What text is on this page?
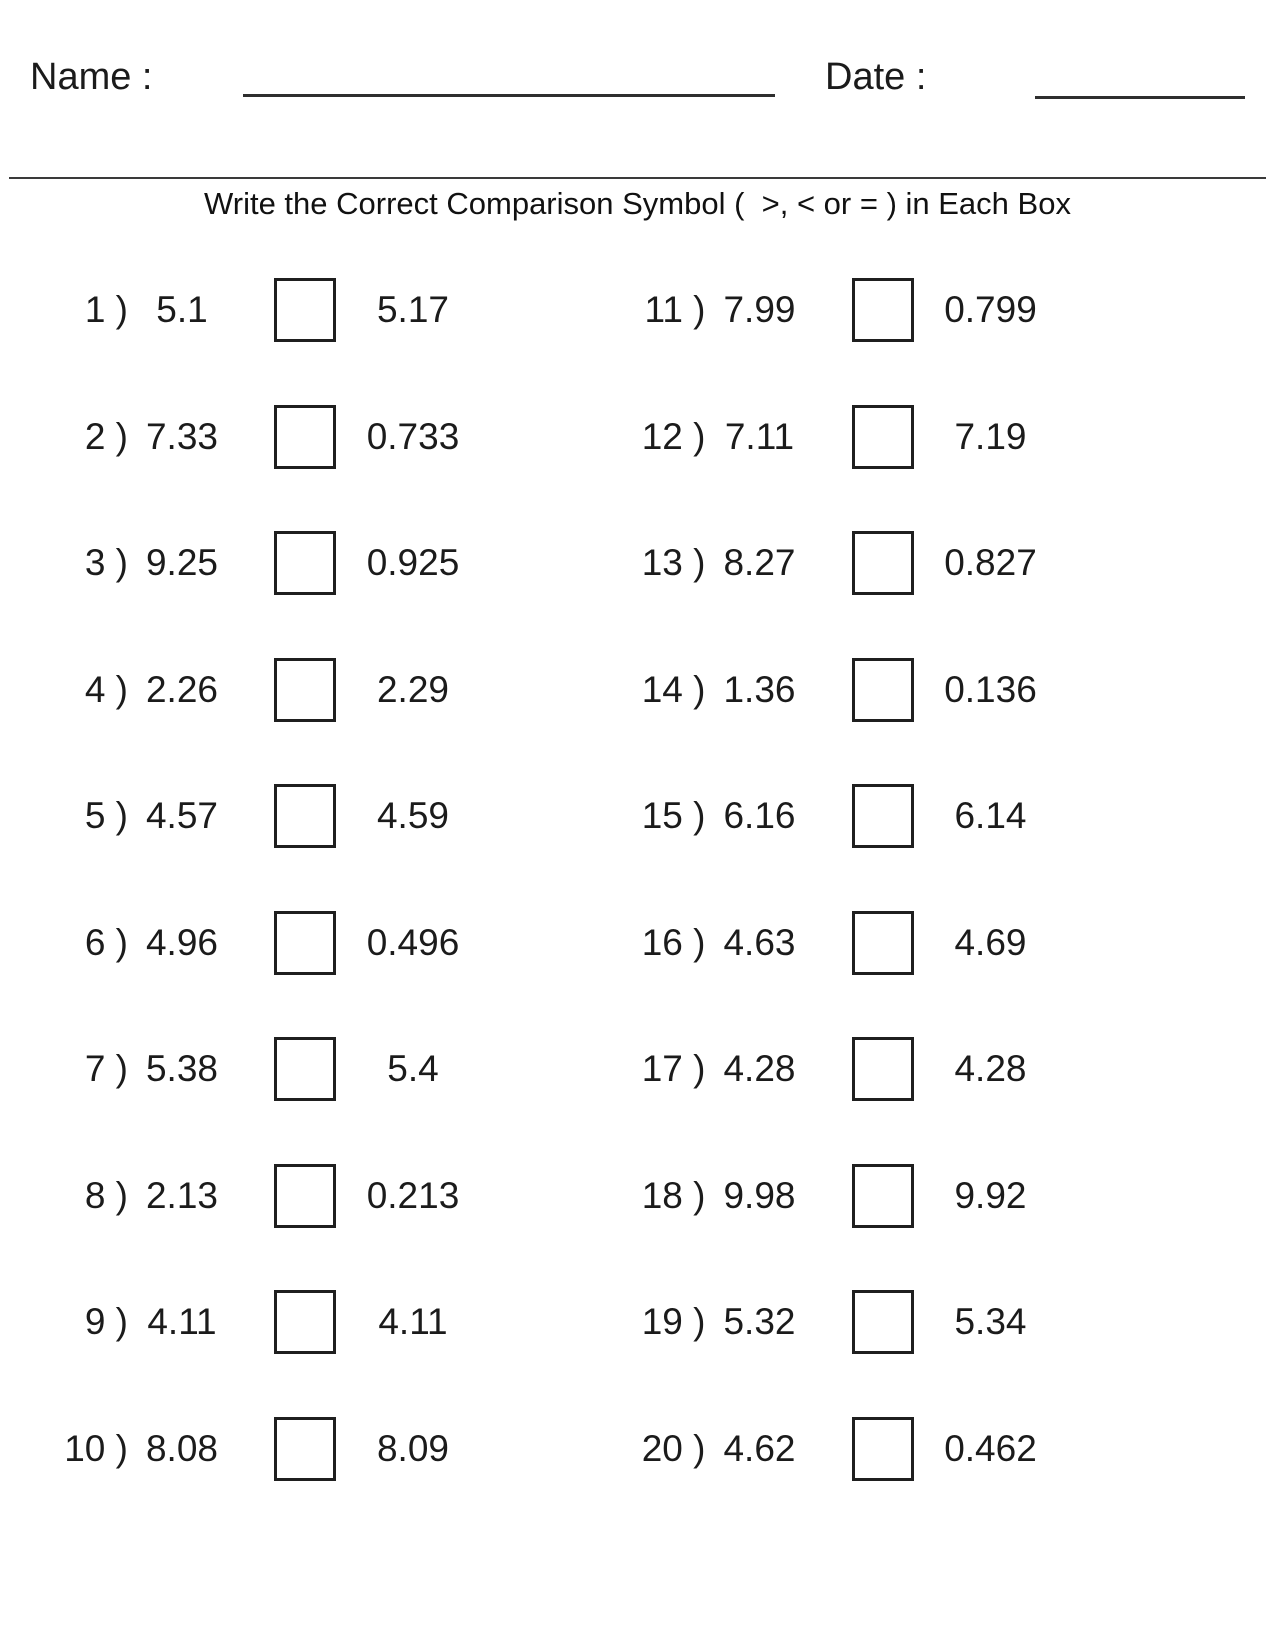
Name :	Date :
Write the Correct Comparison Symbol (  >, < or = ) in Each Box
1 ) 5.1	5.17
2 ) 7.33	0.733
3 ) 9.25	0.925
4 ) 2.26	2.29
5 ) 4.57	4.59
6 ) 4.96	0.496
7 ) 5.38	5.4
8 ) 2.13	0.213
9 ) 4.11	4.11
10 ) 8.08	8.09
11 ) 7.99	0.799
12 ) 7.11	7.19
13 ) 8.27	0.827
14 ) 1.36	0.136
15 ) 6.16	6.14
16 ) 4.63	4.69
17 ) 4.28	4.28
18 ) 9.98	9.92
19 ) 5.32	5.34
20 ) 4.62	0.462
